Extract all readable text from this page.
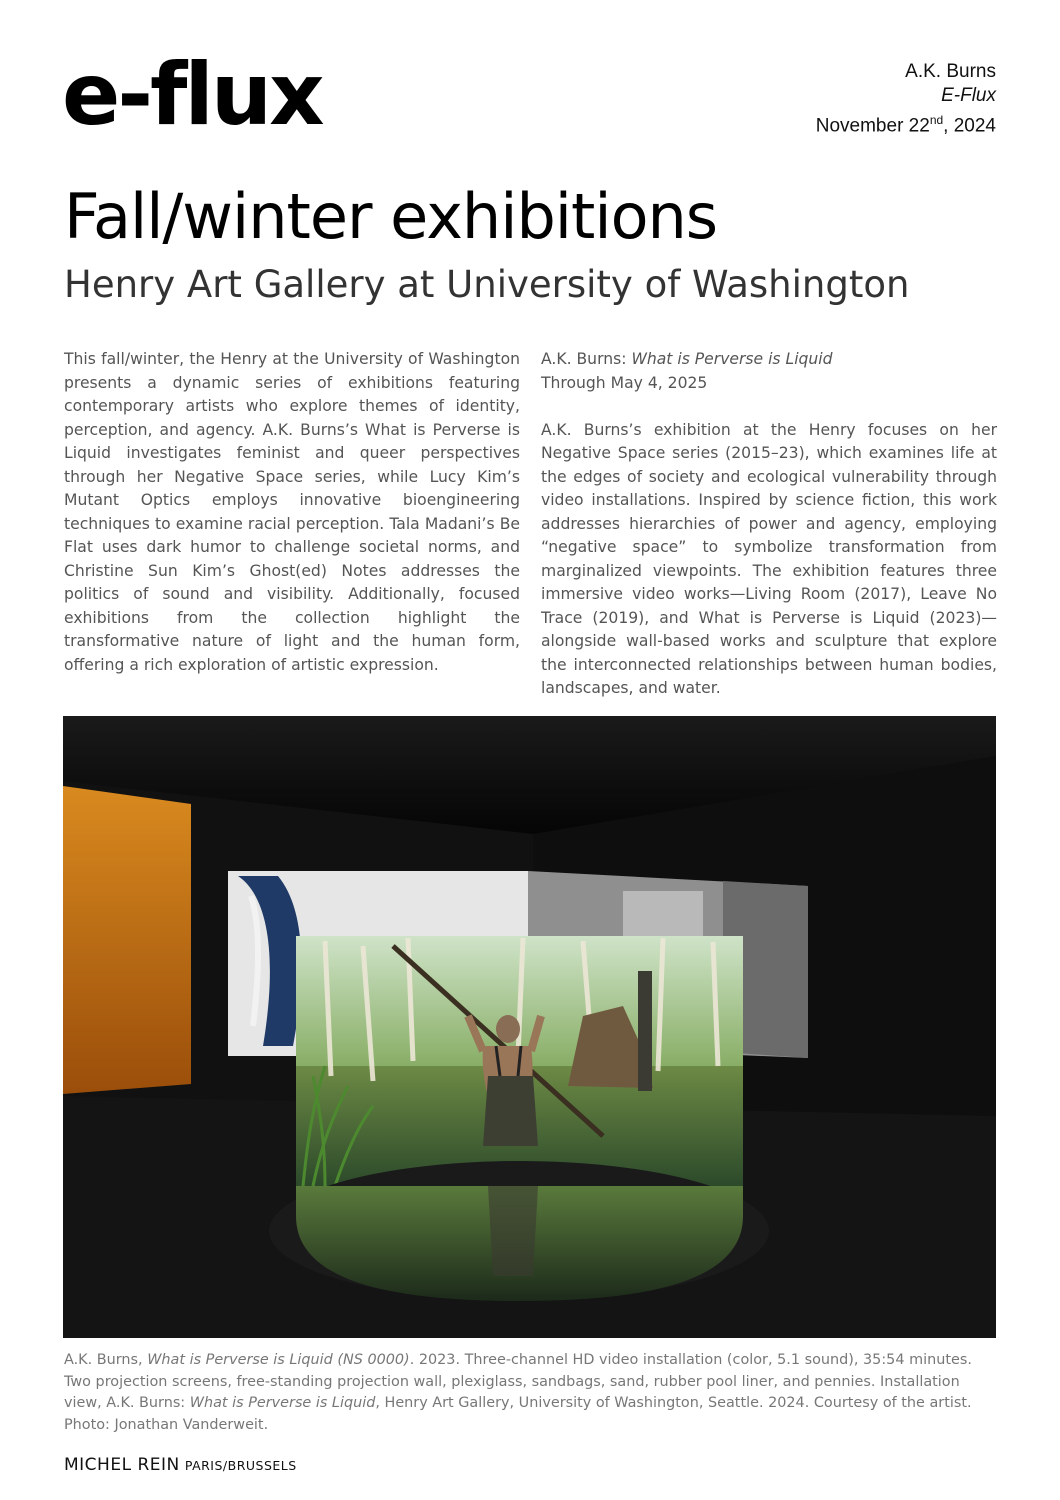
e-flux	A.K. Burns
E-Flux
November 22nd, 2024
Fall/winter exhibitions
Henry Art Gallery at University of Washington

This fall/winter, the Henry at the University of Washington presents a dynamic series of exhibitions featuring contemporary artists who explore themes of identity, perception, and agency. A.K. Burns’s What is Perverse is Liquid investigates feminist and queer perspectives through her Negative Space series, while Lucy Kim’s Mutant Optics employs innovative bioengineering techniques to examine racial perception. Tala Madani’s Be Flat uses dark humor to challenge societal norms, and Christine Sun Kim’s Ghost(ed) Notes addresses the politics of sound and visibility. Additionally, focused exhibitions from the collection highlight the transformative nature of light and the human form, offering a rich exploration of artistic expression.

A.K. Burns: What is Perverse is Liquid

Through May 4, 2025

A.K. Burns’s exhibition at the Henry focuses on her Negative Space series (2015–23), which examines life at the edges of society and ecological vulnerability through video installations. Inspired by science fiction, this work addresses hierarchies of power and agency, employing “negative space” to symbolize transformation from marginalized viewpoints. The exhibition features three immersive video works—Living Room (2017), Leave No Trace (2019), and What is Perverse is Liquid (2023)—alongside wall-based works and sculpture that explore the interconnected relationships between human bodies, landscapes, and water.

A.K. Burns, What is Perverse is Liquid (NS 0000). 2023. Three-channel HD video installation (color, 5.1 sound), 35:54 minutes. Two projection screens, free-standing projection wall, plexiglass, sandbags, sand, rubber pool liner, and pennies. Installation view, A.K. Burns: What is Perverse is Liquid, Henry Art Gallery, University of Washington, Seattle. 2024. Courtesy of the artist. Photo: Jonathan Vanderweit.

MICHEL REIN PARIS/BRUSSELS
